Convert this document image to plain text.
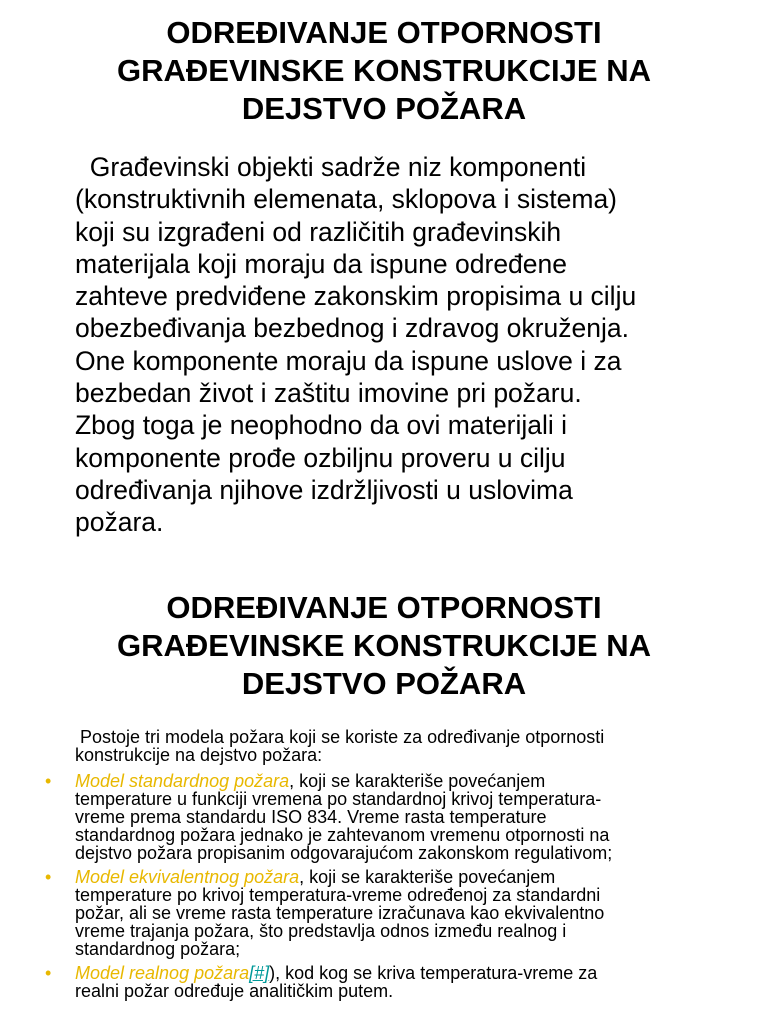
ODREĐIVANJE OTPORNOSTI
GRAĐEVINSKE KONSTRUKCIJE NA
DEJSTVO POŽARA

Građevinski objekti sadrže niz komponenti
(konstruktivnih elemenata, sklopova i sistema)
koji su izgrađeni od različitih građevinskih
materijala koji moraju da ispune određene
zahteve predviđene zakonskim propisima u cilju
obezbeđivanja bezbednog i zdravog okruženja.
One komponente moraju da ispune uslove i za
bezbedan život i zaštitu imovine pri požaru.
Zbog toga je neophodno da ovi materijali i
komponente prođe ozbiljnu proveru u cilju
određivanja njihove izdržljivosti u uslovima
požara.

ODREĐIVANJE OTPORNOSTI
GRAĐEVINSKE KONSTRUKCIJE NA
DEJSTVO POŽARA

Postoje tri modela požara koji se koriste za određivanje otpornosti
konstrukcije na dejstvo požara:

• Model standardnog požara, koji se karakteriše povećanjem
temperature u funkciji vremena po standardnoj krivoj temperatura-
vreme prema standardu ISO 834. Vreme rasta temperature
standardnog požara jednako je zahtevanom vremenu otpornosti na
dejstvo požara propisanim odgovarajućom zakonskom regulativom;
• Model ekvivalentnog požara, koji se karakteriše povećanjem
temperature po krivoj temperatura-vreme određenoj za standardni
požar, ali se vreme rasta temperature izračunava kao ekvivalentno
vreme trajanja požara, što predstavlja odnos između realnog i
standardnog požara;
• Model realnog požara[#]), kod kog se kriva temperatura-vreme za
realni požar određuje analitičkim putem.
